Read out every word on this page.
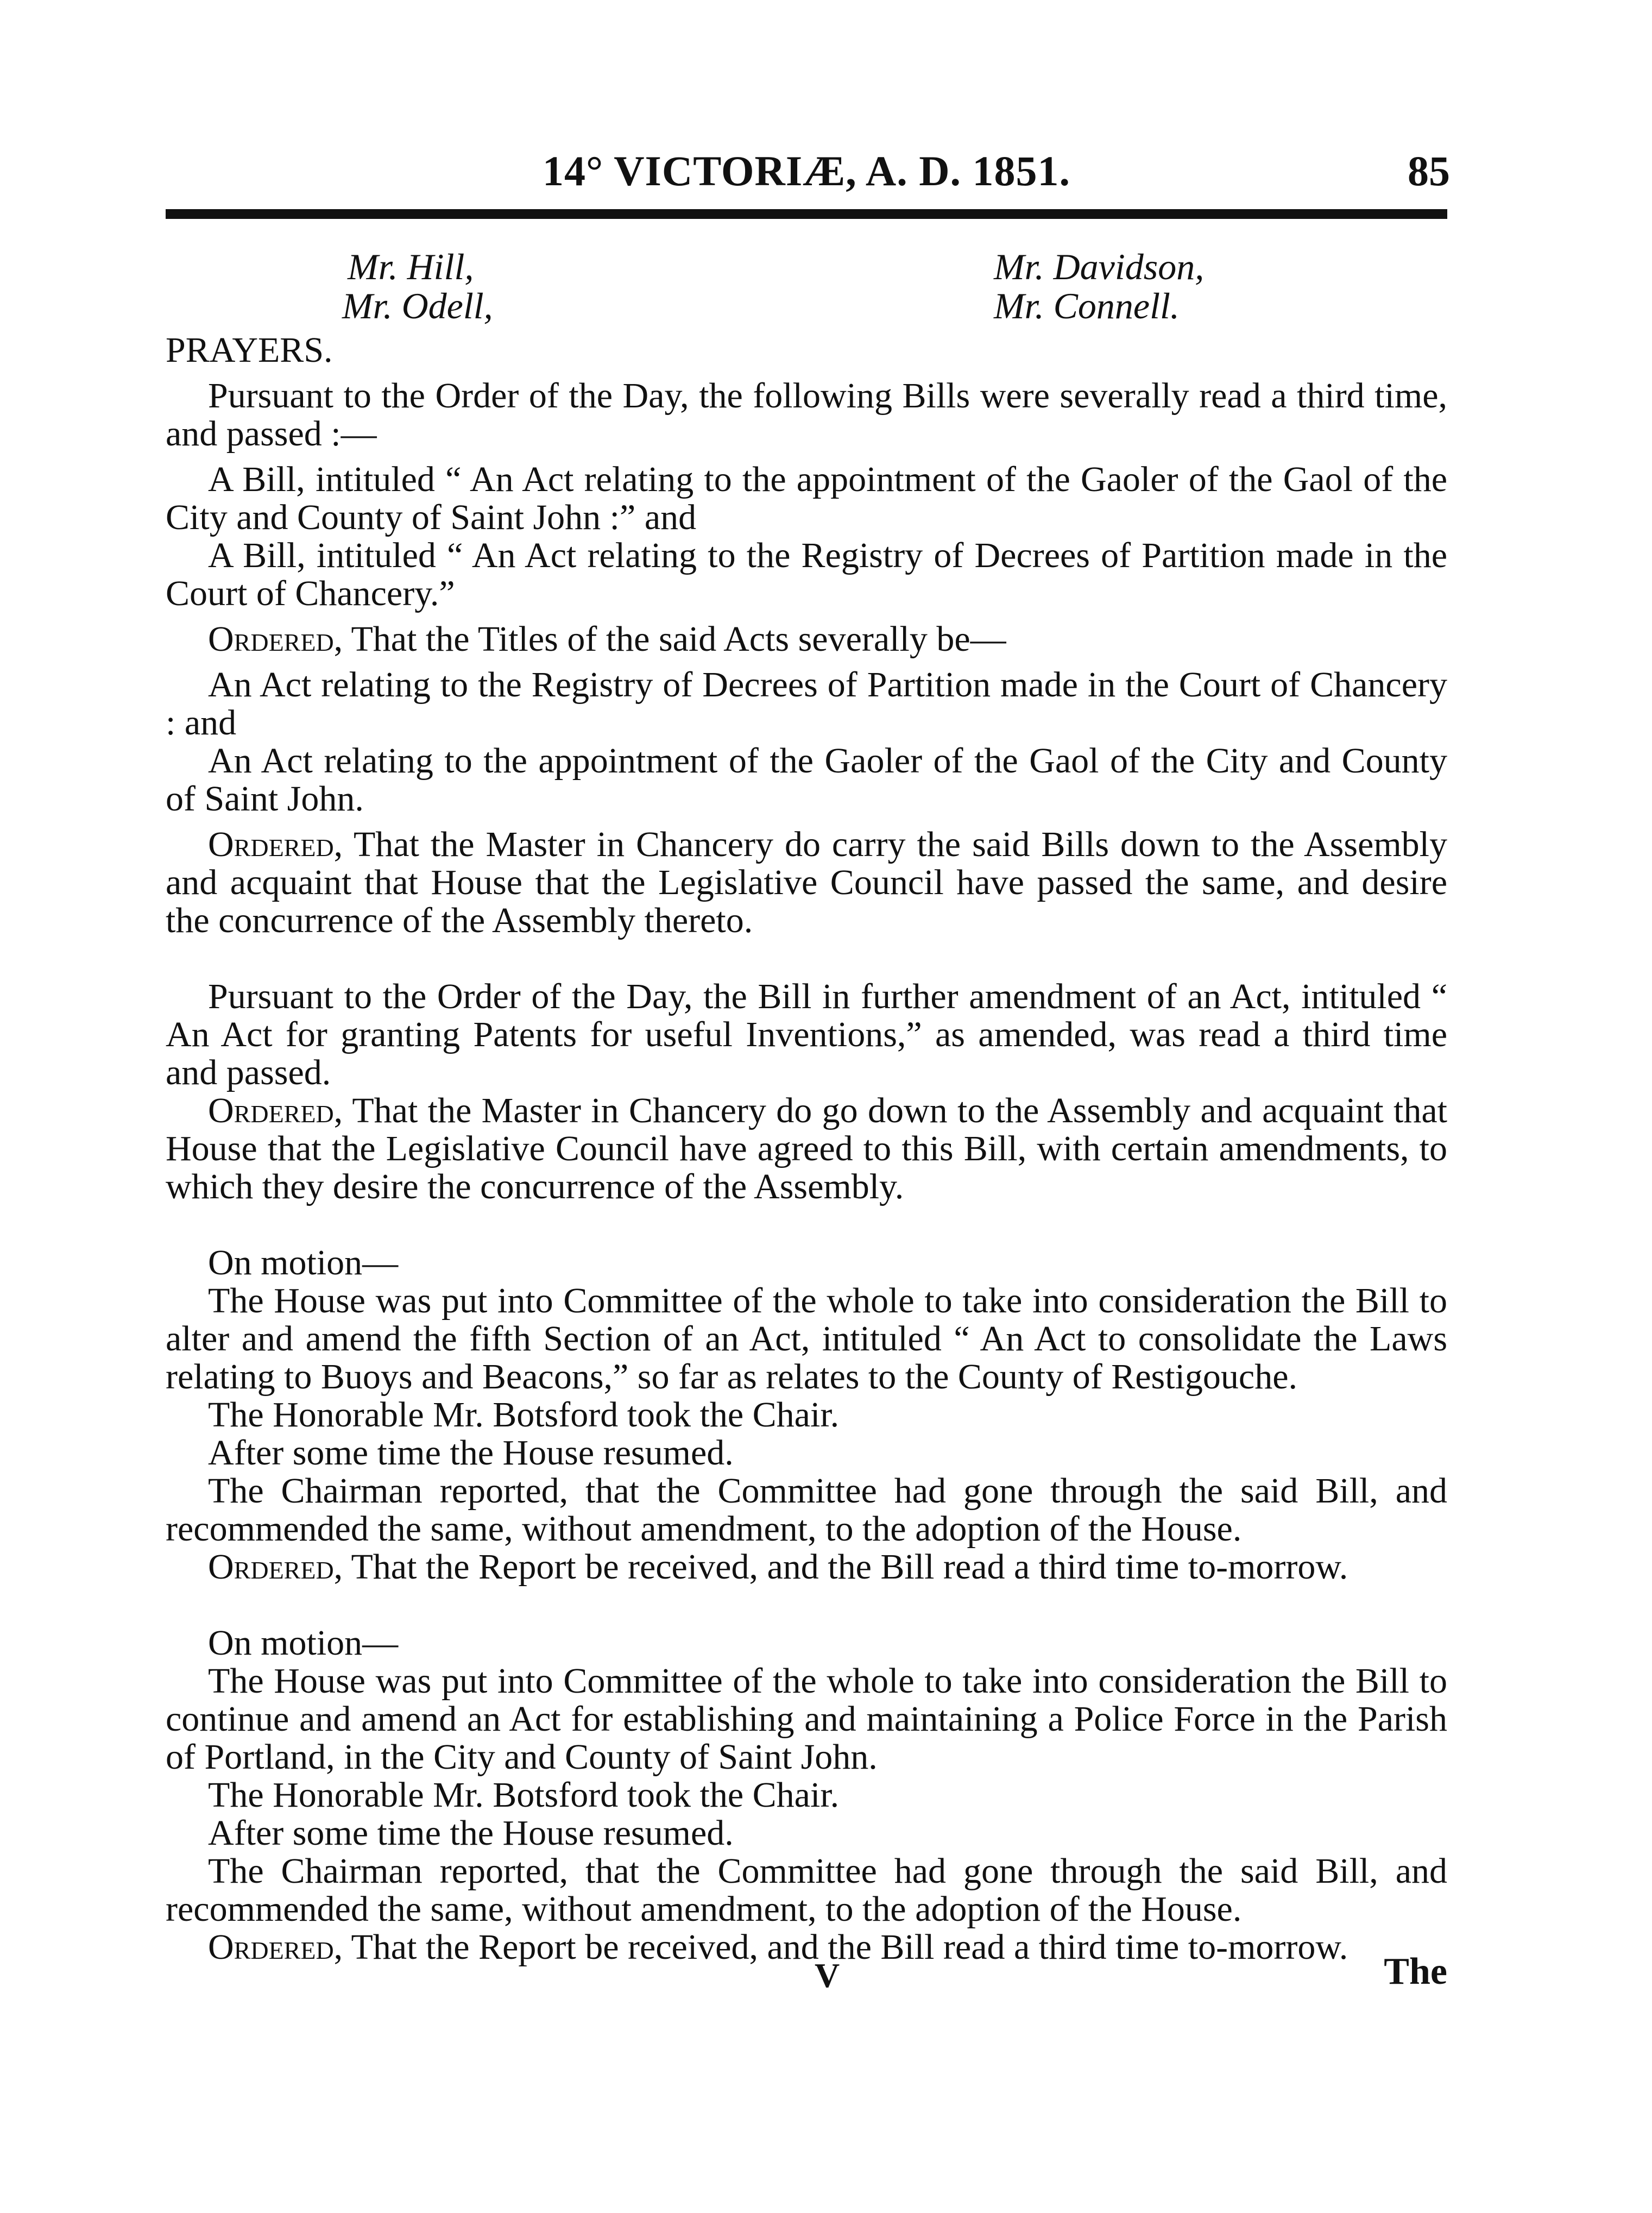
14° VICTORIÆ, A. D. 1851.	85
Mr. Hill,
Mr. Odell,
Mr. Davidson,
Mr. Connell.

PRAYERS.

Pursuant to the Order of the Day, the following Bills were severally read a third time, and passed :—

A Bill, intituled “ An Act relating to the appointment of the Gaoler of the Gaol of the City and County of Saint John :” and

A Bill, intituled “ An Act relating to the Registry of Decrees of Partition made in the Court of Chancery.”

Ordered, That the Titles of the said Acts severally be—

An Act relating to the Registry of Decrees of Partition made in the Court of Chancery : and

An Act relating to the appointment of the Gaoler of the Gaol of the City and County of Saint John.

Ordered, That the Master in Chancery do carry the said Bills down to the Assembly and acquaint that House that the Legislative Council have passed the same, and desire the concurrence of the Assembly thereto.

Pursuant to the Order of the Day, the Bill in further amendment of an Act, intituled “ An Act for granting Patents for useful Inventions,” as amended, was read a third time and passed.

Ordered, That the Master in Chancery do go down to the Assembly and acquaint that House that the Legislative Council have agreed to this Bill, with certain amendments, to which they desire the concurrence of the Assembly.

On motion—

The House was put into Committee of the whole to take into consideration the Bill to alter and amend the fifth Section of an Act, intituled “ An Act to consolidate the Laws relating to Buoys and Beacons,” so far as relates to the County of Restigouche.

The Honorable Mr. Botsford took the Chair.

After some time the House resumed.

The Chairman reported, that the Committee had gone through the said Bill, and recommended the same, without amendment, to the adoption of the House.

Ordered, That the Report be received, and the Bill read a third time to-morrow.

On motion—

The House was put into Committee of the whole to take into consideration the Bill to continue and amend an Act for establishing and maintaining a Police Force in the Parish of Portland, in the City and County of Saint John.

The Honorable Mr. Botsford took the Chair.

After some time the House resumed.

The Chairman reported, that the Committee had gone through the said Bill, and recommended the same, without amendment, to the adoption of the House.

Ordered, That the Report be received, and the Bill read a third time to-morrow.

V	The
